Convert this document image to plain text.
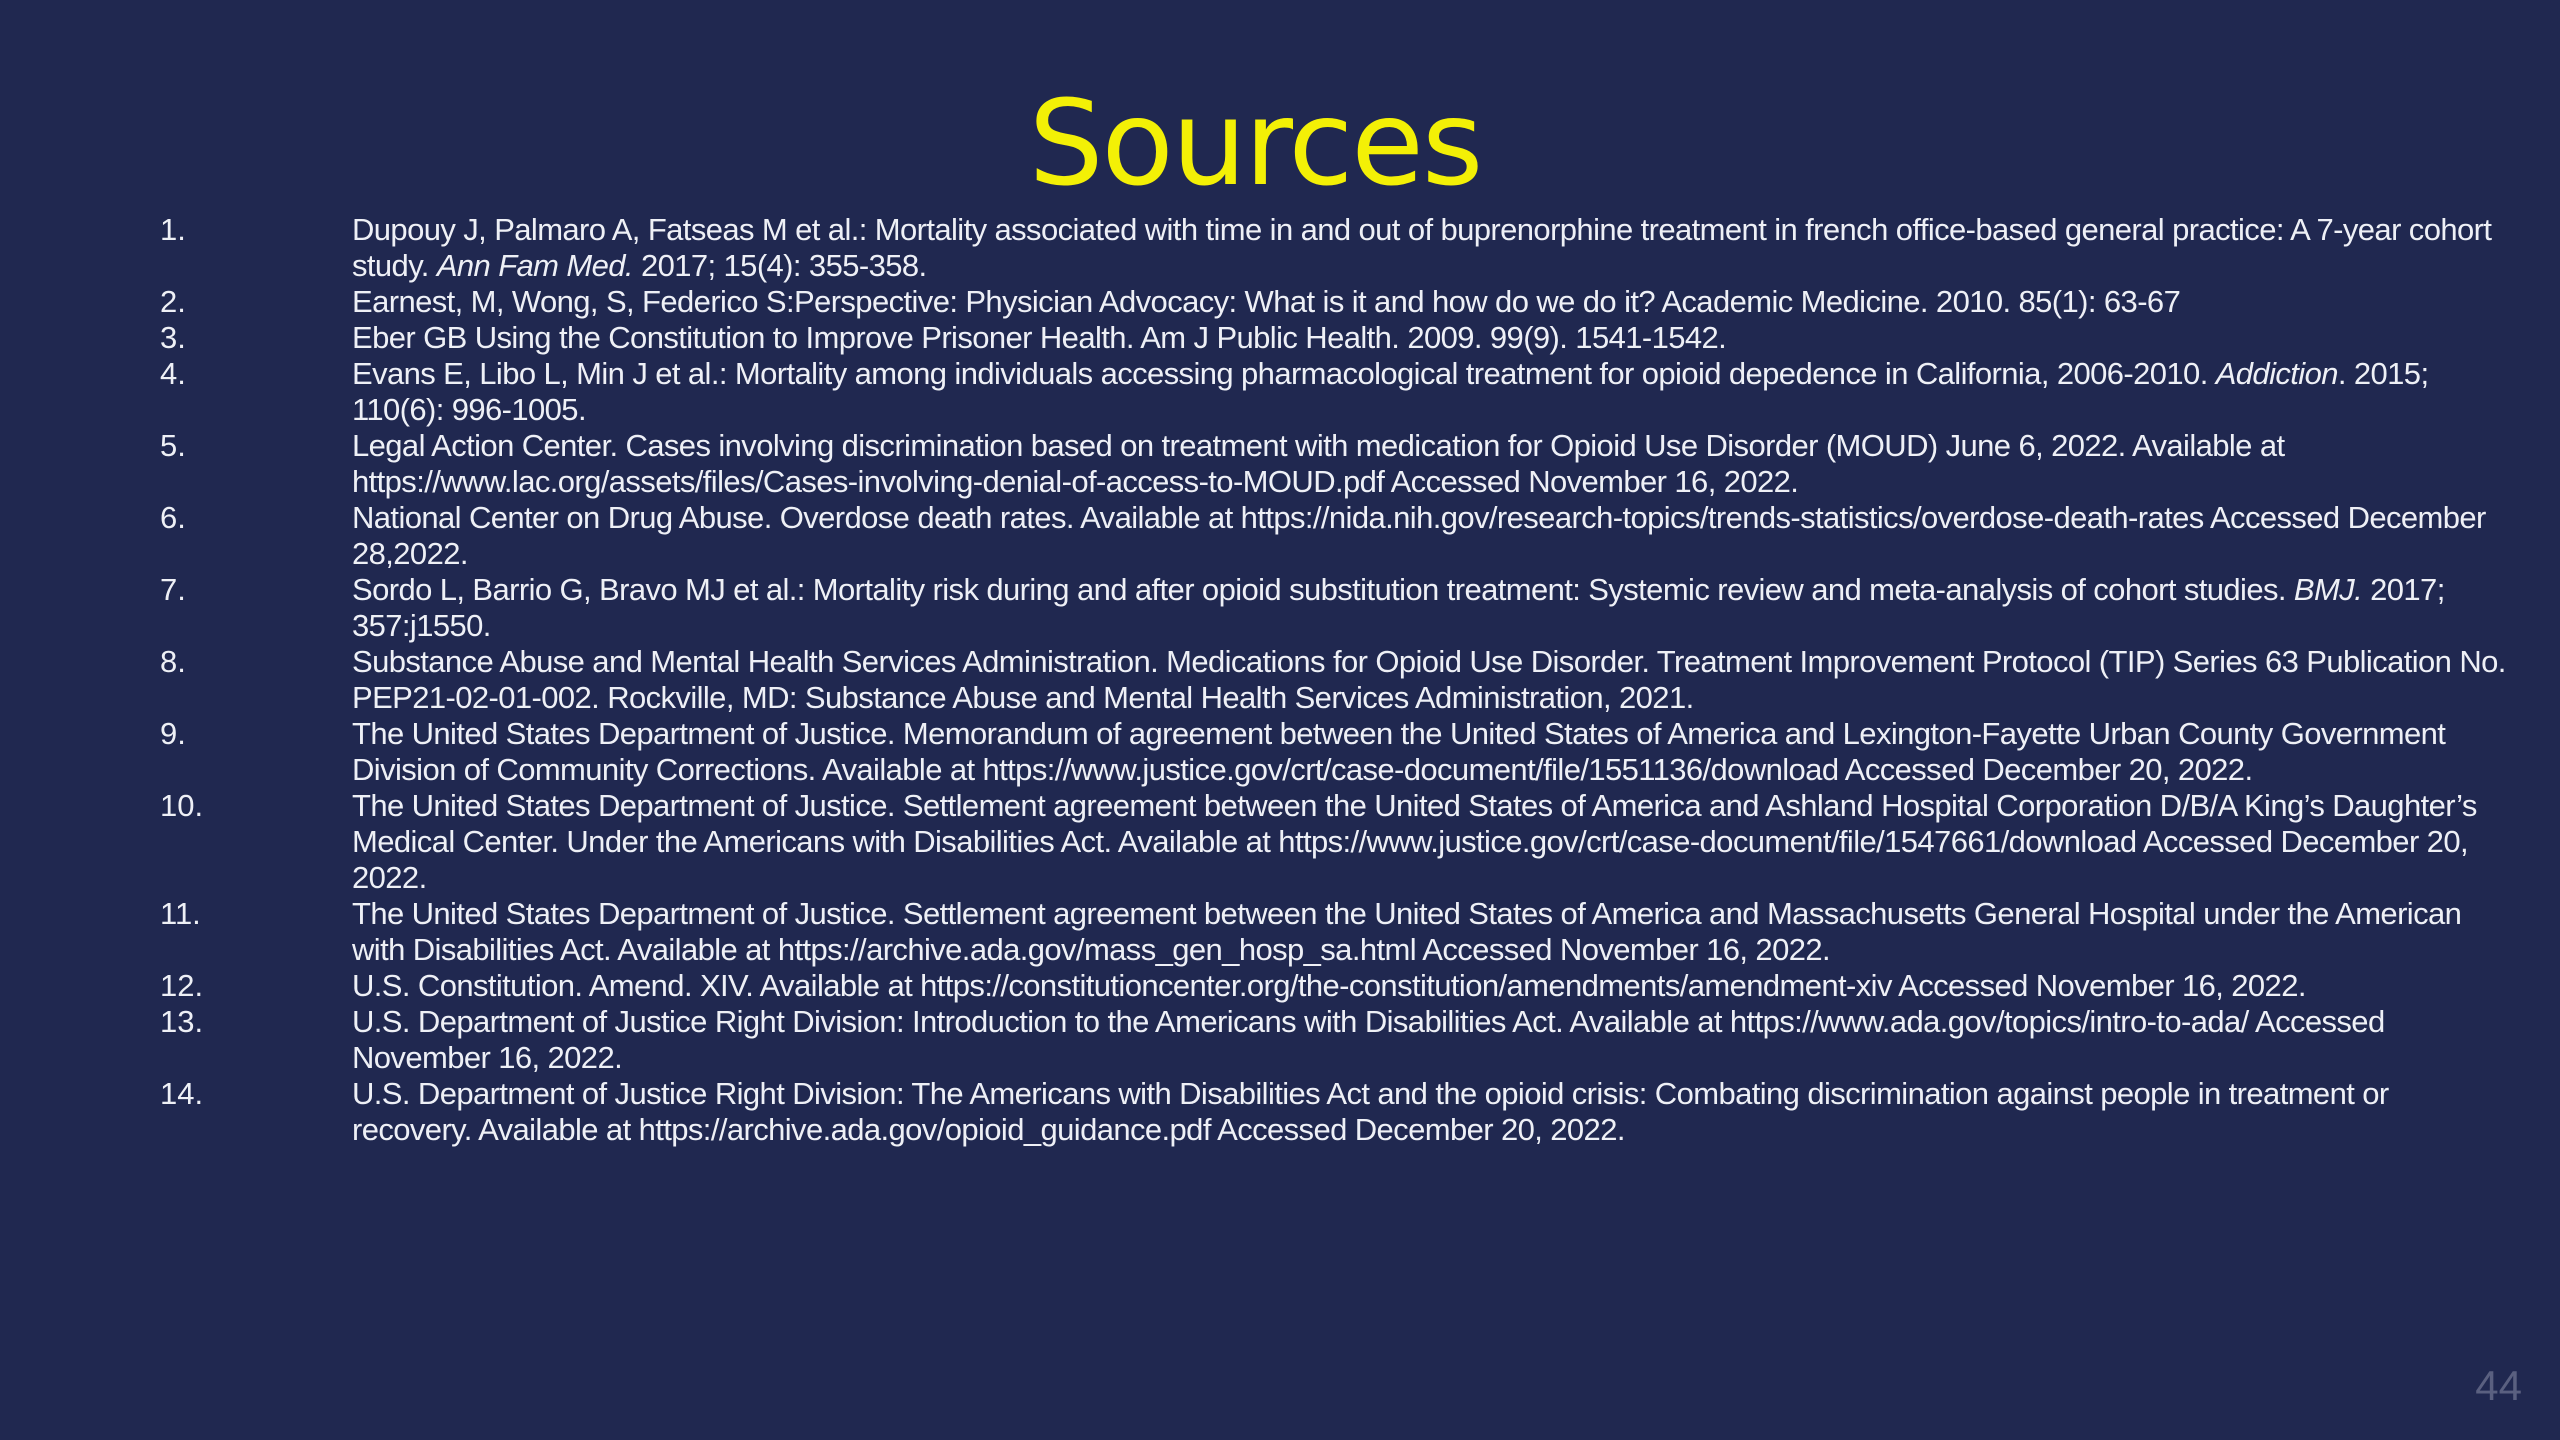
Sources
1.	Dupouy J, Palmaro A, Fatseas M et al.: Mortality associated with time in and out of buprenorphine treatment in french office-based general practice: A 7-year cohort study. Ann Fam Med. 2017; 15(4): 355-358.
2.	Earnest, M, Wong, S, Federico S:Perspective: Physician Advocacy: What is it and how do we do it? Academic Medicine. 2010. 85(1): 63-67
3.	Eber GB Using the Constitution to Improve Prisoner Health. Am J Public Health. 2009. 99(9). 1541-1542.
4.	Evans E, Libo L, Min J et al.: Mortality among individuals accessing pharmacological treatment for opioid depedence in California, 2006-2010. Addiction. 2015; 110(6): 996-1005.
5.	Legal Action Center. Cases involving discrimination based on treatment with medication for Opioid Use Disorder (MOUD) June 6, 2022. Available at https://www.lac.org/assets/files/Cases-involving-denial-of-access-to-MOUD.pdf Accessed November 16, 2022.
6.	National Center on Drug Abuse. Overdose death rates. Available at https://nida.nih.gov/research-topics/trends-statistics/overdose-death-rates Accessed December 28,2022.
7.	Sordo L, Barrio G, Bravo MJ et al.: Mortality risk during and after opioid substitution treatment: Systemic review and meta-analysis of cohort studies. BMJ. 2017; 357:j1550.
8.	Substance Abuse and Mental Health Services Administration. Medications for Opioid Use Disorder. Treatment Improvement Protocol (TIP) Series 63 Publication No. PEP21-02-01-002. Rockville, MD: Substance Abuse and Mental Health Services Administration, 2021.
9.	The United States Department of Justice. Memorandum of agreement between the United States of America and Lexington-Fayette Urban County Government Division of Community Corrections. Available at https://www.justice.gov/crt/case-document/file/1551136/download Accessed December 20, 2022.
10.	The United States Department of Justice. Settlement agreement between the United States of America and Ashland Hospital Corporation D/B/A King’s Daughter’s Medical Center. Under the Americans with Disabilities Act. Available at https://www.justice.gov/crt/case-document/file/1547661/download Accessed December 20, 2022.
11.	The United States Department of Justice. Settlement agreement between the United States of America and Massachusetts General Hospital under the American with Disabilities Act. Available at https://archive.ada.gov/mass_gen_hosp_sa.html Accessed November 16, 2022.
12.	U.S. Constitution. Amend. XIV. Available at https://constitutioncenter.org/the-constitution/amendments/amendment-xiv Accessed November 16, 2022.
13.	U.S. Department of Justice Right Division: Introduction to the Americans with Disabilities Act. Available at https://www.ada.gov/topics/intro-to-ada/ Accessed November 16, 2022.
14.	U.S. Department of Justice Right Division: The Americans with Disabilities Act and the opioid crisis: Combating discrimination against people in treatment or recovery. Available at https://archive.ada.gov/opioid_guidance.pdf Accessed December 20, 2022.
44
